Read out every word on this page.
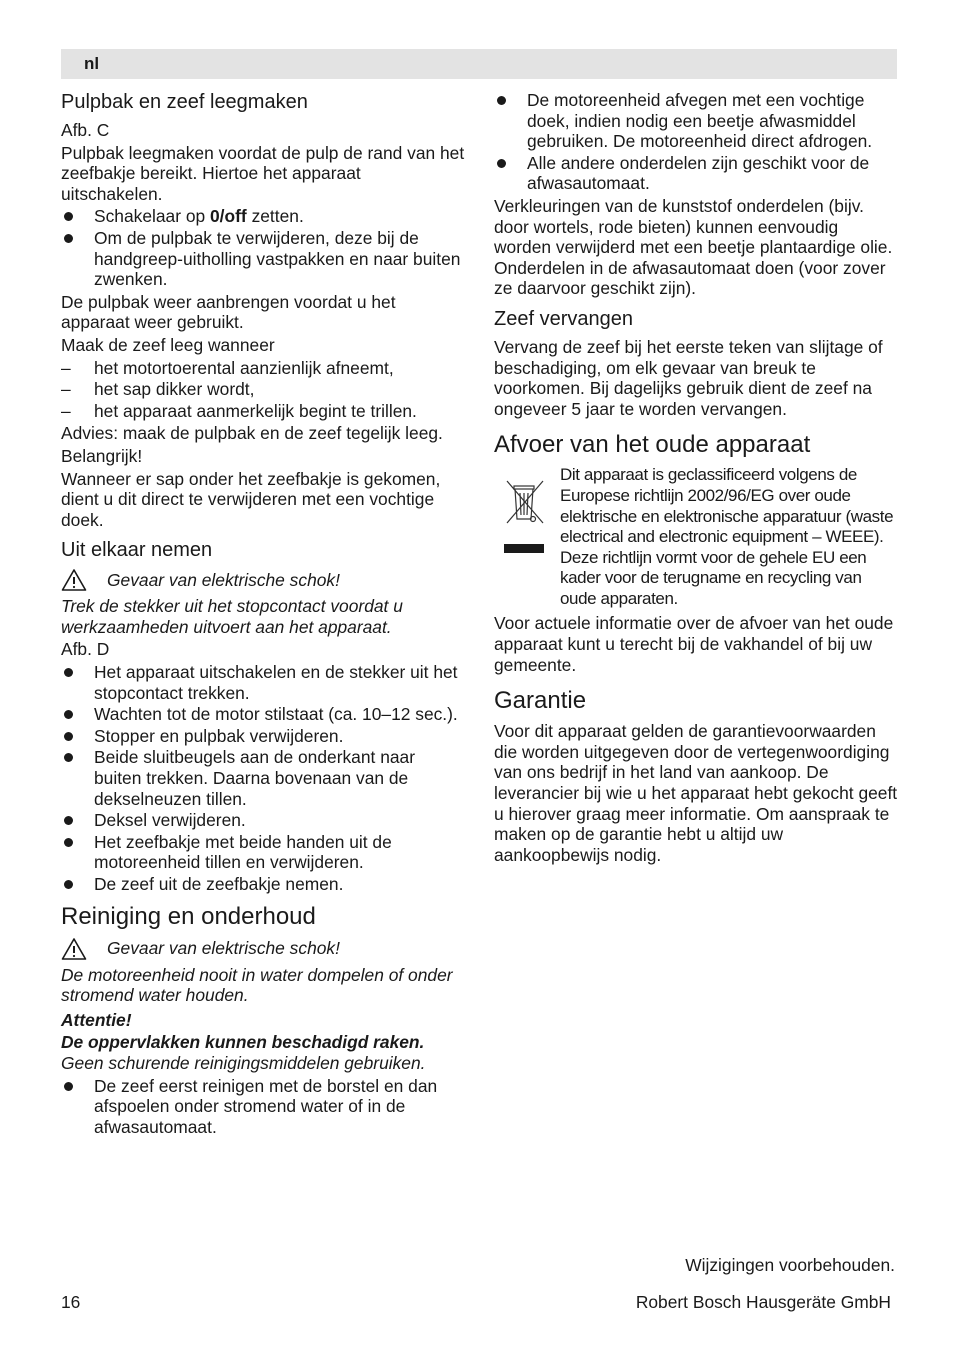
nl
Pulpbak en zeef leegmaken

Afb. C

Pulpbak leegmaken voordat de pulp de rand van het zeefbakje bereikt. Hiertoe het apparaat uitschakelen.

Schakelaar op 0/off zetten.
Om de pulpbak te verwijderen, deze bij de handgreep-uitholling vastpakken en naar buiten zwenken.

De pulpbak weer aanbrengen voordat u het apparaat weer gebruikt.

Maak de zeef leeg wanneer

– het motortoerental aanzienlijk afneemt,
– het sap dikker wordt,
– het apparaat aanmerkelijk begint te trillen.

Advies: maak de pulpbak en de zeef tegelijk leeg.

Belangrijk!

Wanneer er sap onder het zeefbakje is gekomen, dient u dit direct te verwijderen met een vochtige doek.

Uit elkaar nemen
Gevaar van elektrische schok!

Trek de stekker uit het stopcontact voordat u werkzaamheden uitvoert aan het apparaat.

Afb. D

Het apparaat uitschakelen en de stekker uit het stopcontact trekken.
Wachten tot de motor stilstaat (ca. 10–12 sec.).
Stopper en pulpbak verwijderen.
Beide sluitbeugels aan de onderkant naar buiten trekken. Daarna bovenaan van de dekselneuzen tillen.
Deksel verwijderen.
Het zeefbakje met beide handen uit de motoreenheid tillen en verwijderen.
De zeef uit de zeefbakje nemen.
Reiniging en onderhoud
Gevaar van elektrische schok!

De motoreenheid nooit in water dompelen of onder stromend water houden.

Attentie!

De oppervlakken kunnen beschadigd raken. Geen schurende reinigingsmiddelen gebruiken.

De zeef eerst reinigen met de borstel en dan afspoelen onder stromend water of in de afwasautomaat.
De motoreenheid afvegen met een vochtige doek, indien nodig een beetje afwasmiddel gebruiken. De motoreenheid direct afdrogen.
Alle andere onderdelen zijn geschikt voor de afwasautomaat.

Verkleuringen van de kunststof onderdelen (bijv. door wortels, rode bieten) kunnen eenvoudig worden verwijderd met een beetje plantaardige olie. Onderdelen in de afwasautomaat doen (voor zover ze daarvoor geschikt zijn).

Zeef vervangen

Vervang de zeef bij het eerste teken van slijtage of beschadiging, om elk gevaar van breuk te voorkomen. Bij dagelijks gebruik dient de zeef na ongeveer 5 jaar te worden vervangen.

Afvoer van het oude apparaat
Dit apparaat is geclassificeerd volgens de Europese richtlijn 2002/96/EG over oude elektrische en elektronische apparatuur (waste electrical and electronic equipment – WEEE). Deze richtlijn vormt voor de gehele EU een kader voor de terugname en recycling van oude apparaten.

Voor actuele informatie over de afvoer van het oude apparaat kunt u terecht bij de vakhandel of bij uw gemeente.

Garantie

Voor dit apparaat gelden de garantievoorwaarden die worden uitgegeven door de vertegenwoordiging van ons bedrijf in het land van aankoop. De leverancier bij wie u het apparaat hebt gekocht geeft u hierover graag meer informatie. Om aanspraak te maken op de garantie hebt u altijd uw aankoopbewijs nodig.

Wijzigingen voorbehouden.
16	Robert Bosch Hausgeräte GmbH
